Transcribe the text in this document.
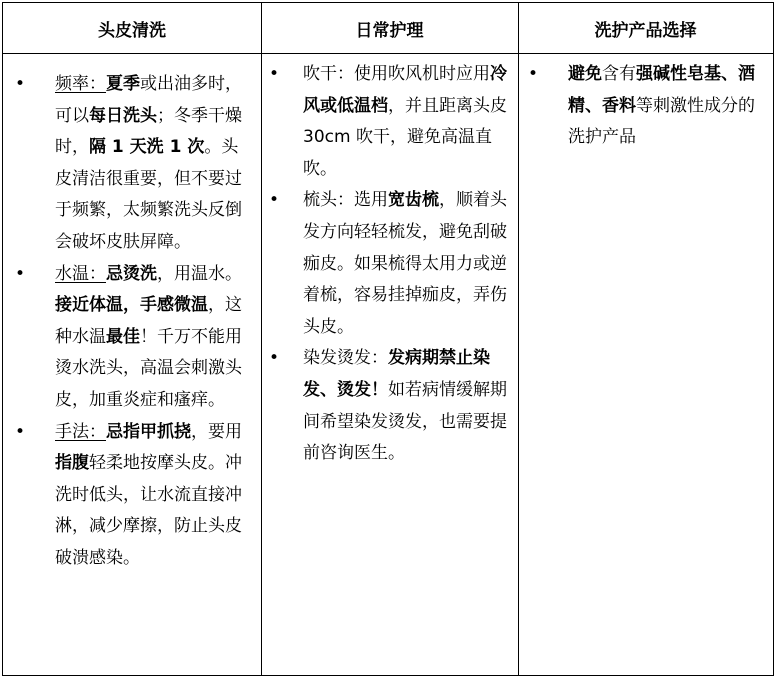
头皮清洗	日常护理	洗护产品选择
• 频率：夏季或出油多时，可以每日洗头；冬季干燥时，隔 1 天洗 1 次。头皮清洁很重要，但不要过于频繁，太频繁洗头反倒会破坏皮肤屏障。
• 水温：忌烫洗，用温水。接近体温，手感微温，这种水温最佳！千万不能用烫水洗头，高温会刺激头皮，加重炎症和瘙痒。
• 手法：忌指甲抓挠，要用指腹轻柔地按摩头皮。冲洗时低头，让水流直接冲淋，减少摩擦，防止头皮破溃感染。
• 吹干：使用吹风机时应用冷风或低温档，并且距离头皮 30cm 吹干，避免高温直吹。
• 梳头：选用宽齿梳，顺着头发方向轻轻梳发，避免刮破痂皮。如果梳得太用力或逆着梳，容易挂掉痂皮，弄伤头皮。
• 染发烫发：发病期禁止染发、烫发！如若病情缓解期间希望染发烫发，也需要提前咨询医生。
• 避免含有强碱性皂基、酒精、香料等刺激性成分的洗护产品
